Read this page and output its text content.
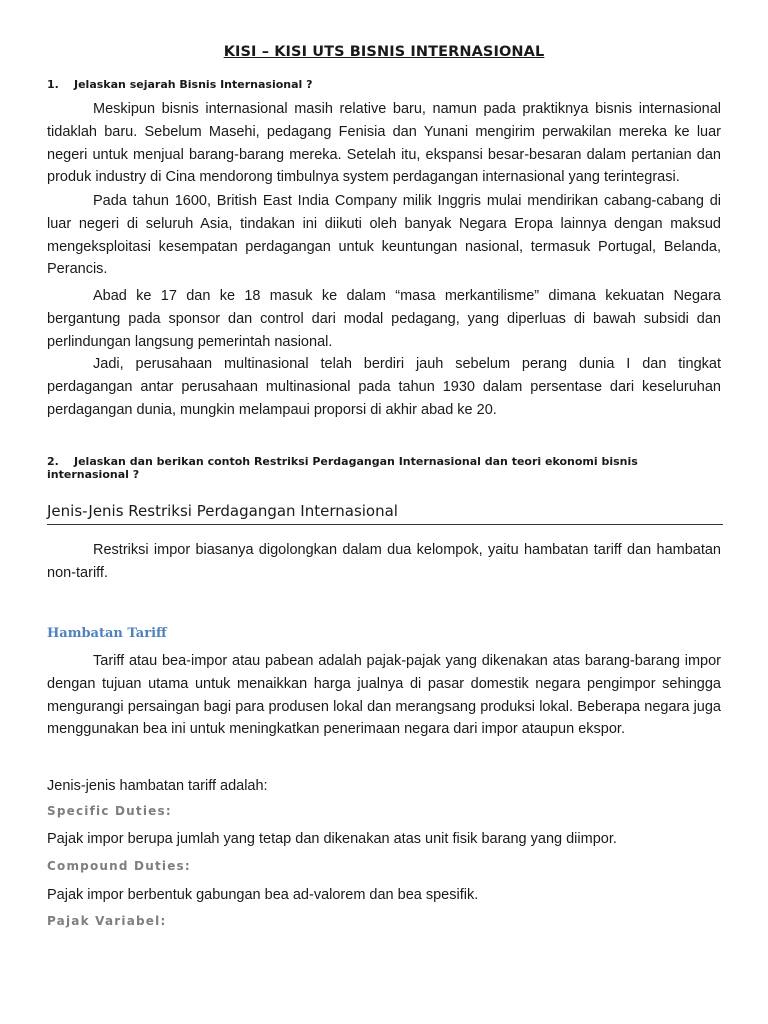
KISI – KISI UTS BISNIS INTERNASIONAL
1. Jelaskan sejarah Bisnis Internasional ?

Meskipun bisnis internasional masih relative baru, namun pada praktiknya bisnis internasional tidaklah baru. Sebelum Masehi, pedagang Fenisia dan Yunani mengirim perwakilan mereka ke luar negeri untuk menjual barang-barang mereka. Setelah itu, ekspansi besar-besaran dalam pertanian dan produk industry di Cina mendorong timbulnya system perdagangan internasional yang terintegrasi.

Pada tahun 1600, British East India Company milik Inggris mulai mendirikan cabang-cabang di luar negeri di seluruh Asia, tindakan ini diikuti oleh banyak Negara Eropa lainnya dengan maksud mengeksploitasi kesempatan perdagangan untuk keuntungan nasional, termasuk Portugal, Belanda, Perancis.

Abad ke 17 dan ke 18 masuk ke dalam “masa merkantilisme” dimana kekuatan Negara bergantung pada sponsor dan control dari modal pedagang, yang diperluas di bawah subsidi dan perlindungan langsung pemerintah nasional.

Jadi, perusahaan multinasional telah berdiri jauh sebelum perang dunia I dan tingkat perdagangan antar perusahaan multinasional pada tahun 1930 dalam persentase dari keseluruhan perdagangan dunia, mungkin melampaui proporsi di akhir abad ke 20.

2. Jelaskan dan berikan contoh Restriksi Perdagangan Internasional dan teori ekonomi bisnis internasional ?
Jenis-Jenis Restriksi Perdagangan Internasional

Restriksi impor biasanya digolongkan dalam dua kelompok, yaitu hambatan tariff dan hambatan non-tariff.

Hambatan Tariff

Tariff atau bea-impor atau pabean adalah pajak-pajak yang dikenakan atas barang-barang impor dengan tujuan utama untuk menaikkan harga jualnya di pasar domestik negara pengimpor sehingga mengurangi persaingan bagi para produsen lokal dan merangsang produksi lokal. Beberapa negara juga menggunakan bea ini untuk meningkatkan penerimaan negara dari impor ataupun ekspor.

Jenis-jenis hambatan tariff adalah:

Specific Duties:

Pajak impor berupa jumlah yang tetap dan dikenakan atas unit fisik barang yang diimpor.

Compound Duties:

Pajak impor berbentuk gabungan bea ad-valorem dan bea spesifik.

Pajak Variabel:
